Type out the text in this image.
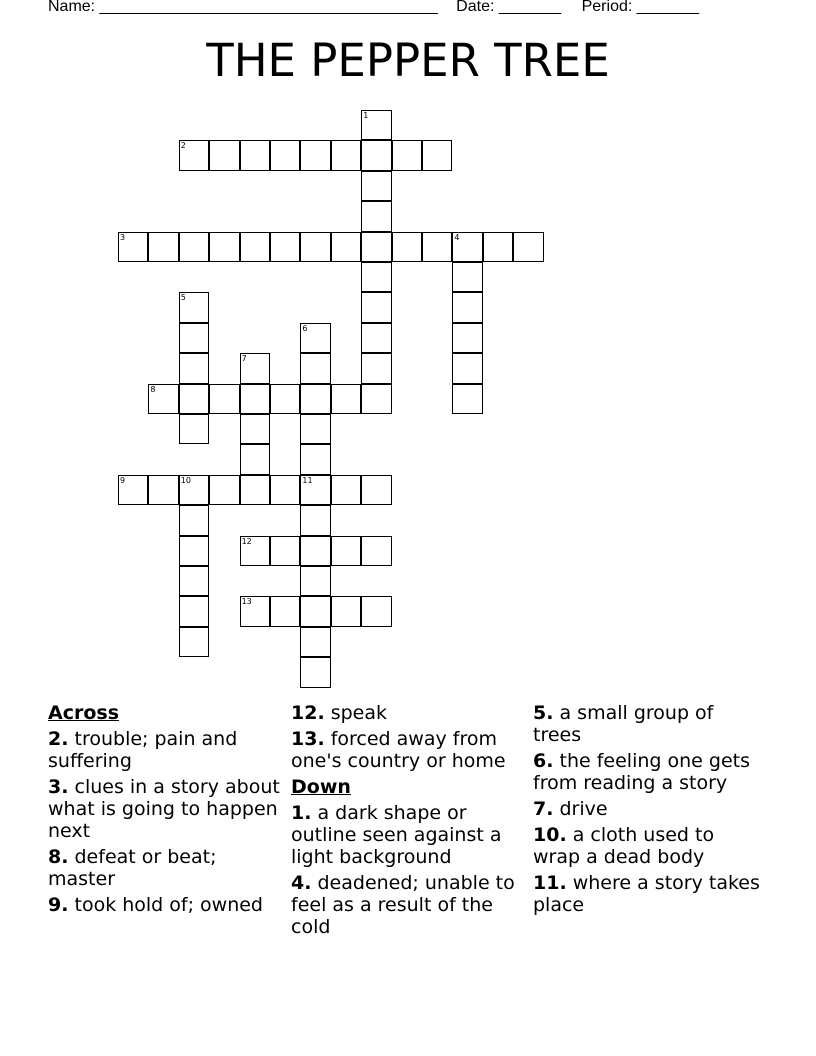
Name: ______________________________________ Date: _______ Period: _______
THE PEPPER TREE
1
2
3	4
5
6
7
8
9	10	11
12
13
Across
2. trouble; pain and suffering
3. clues in a story about what is going to happen next
8. defeat or beat; master
9. took hold of; owned
12. speak
13. forced away from one's country or home
Down
1. a dark shape or outline seen against a light background
4. deadened; unable to feel as a result of the cold
5. a small group of trees
6. the feeling one gets from reading a story
7. drive
10. a cloth used to wrap a dead body
11. where a story takes place
